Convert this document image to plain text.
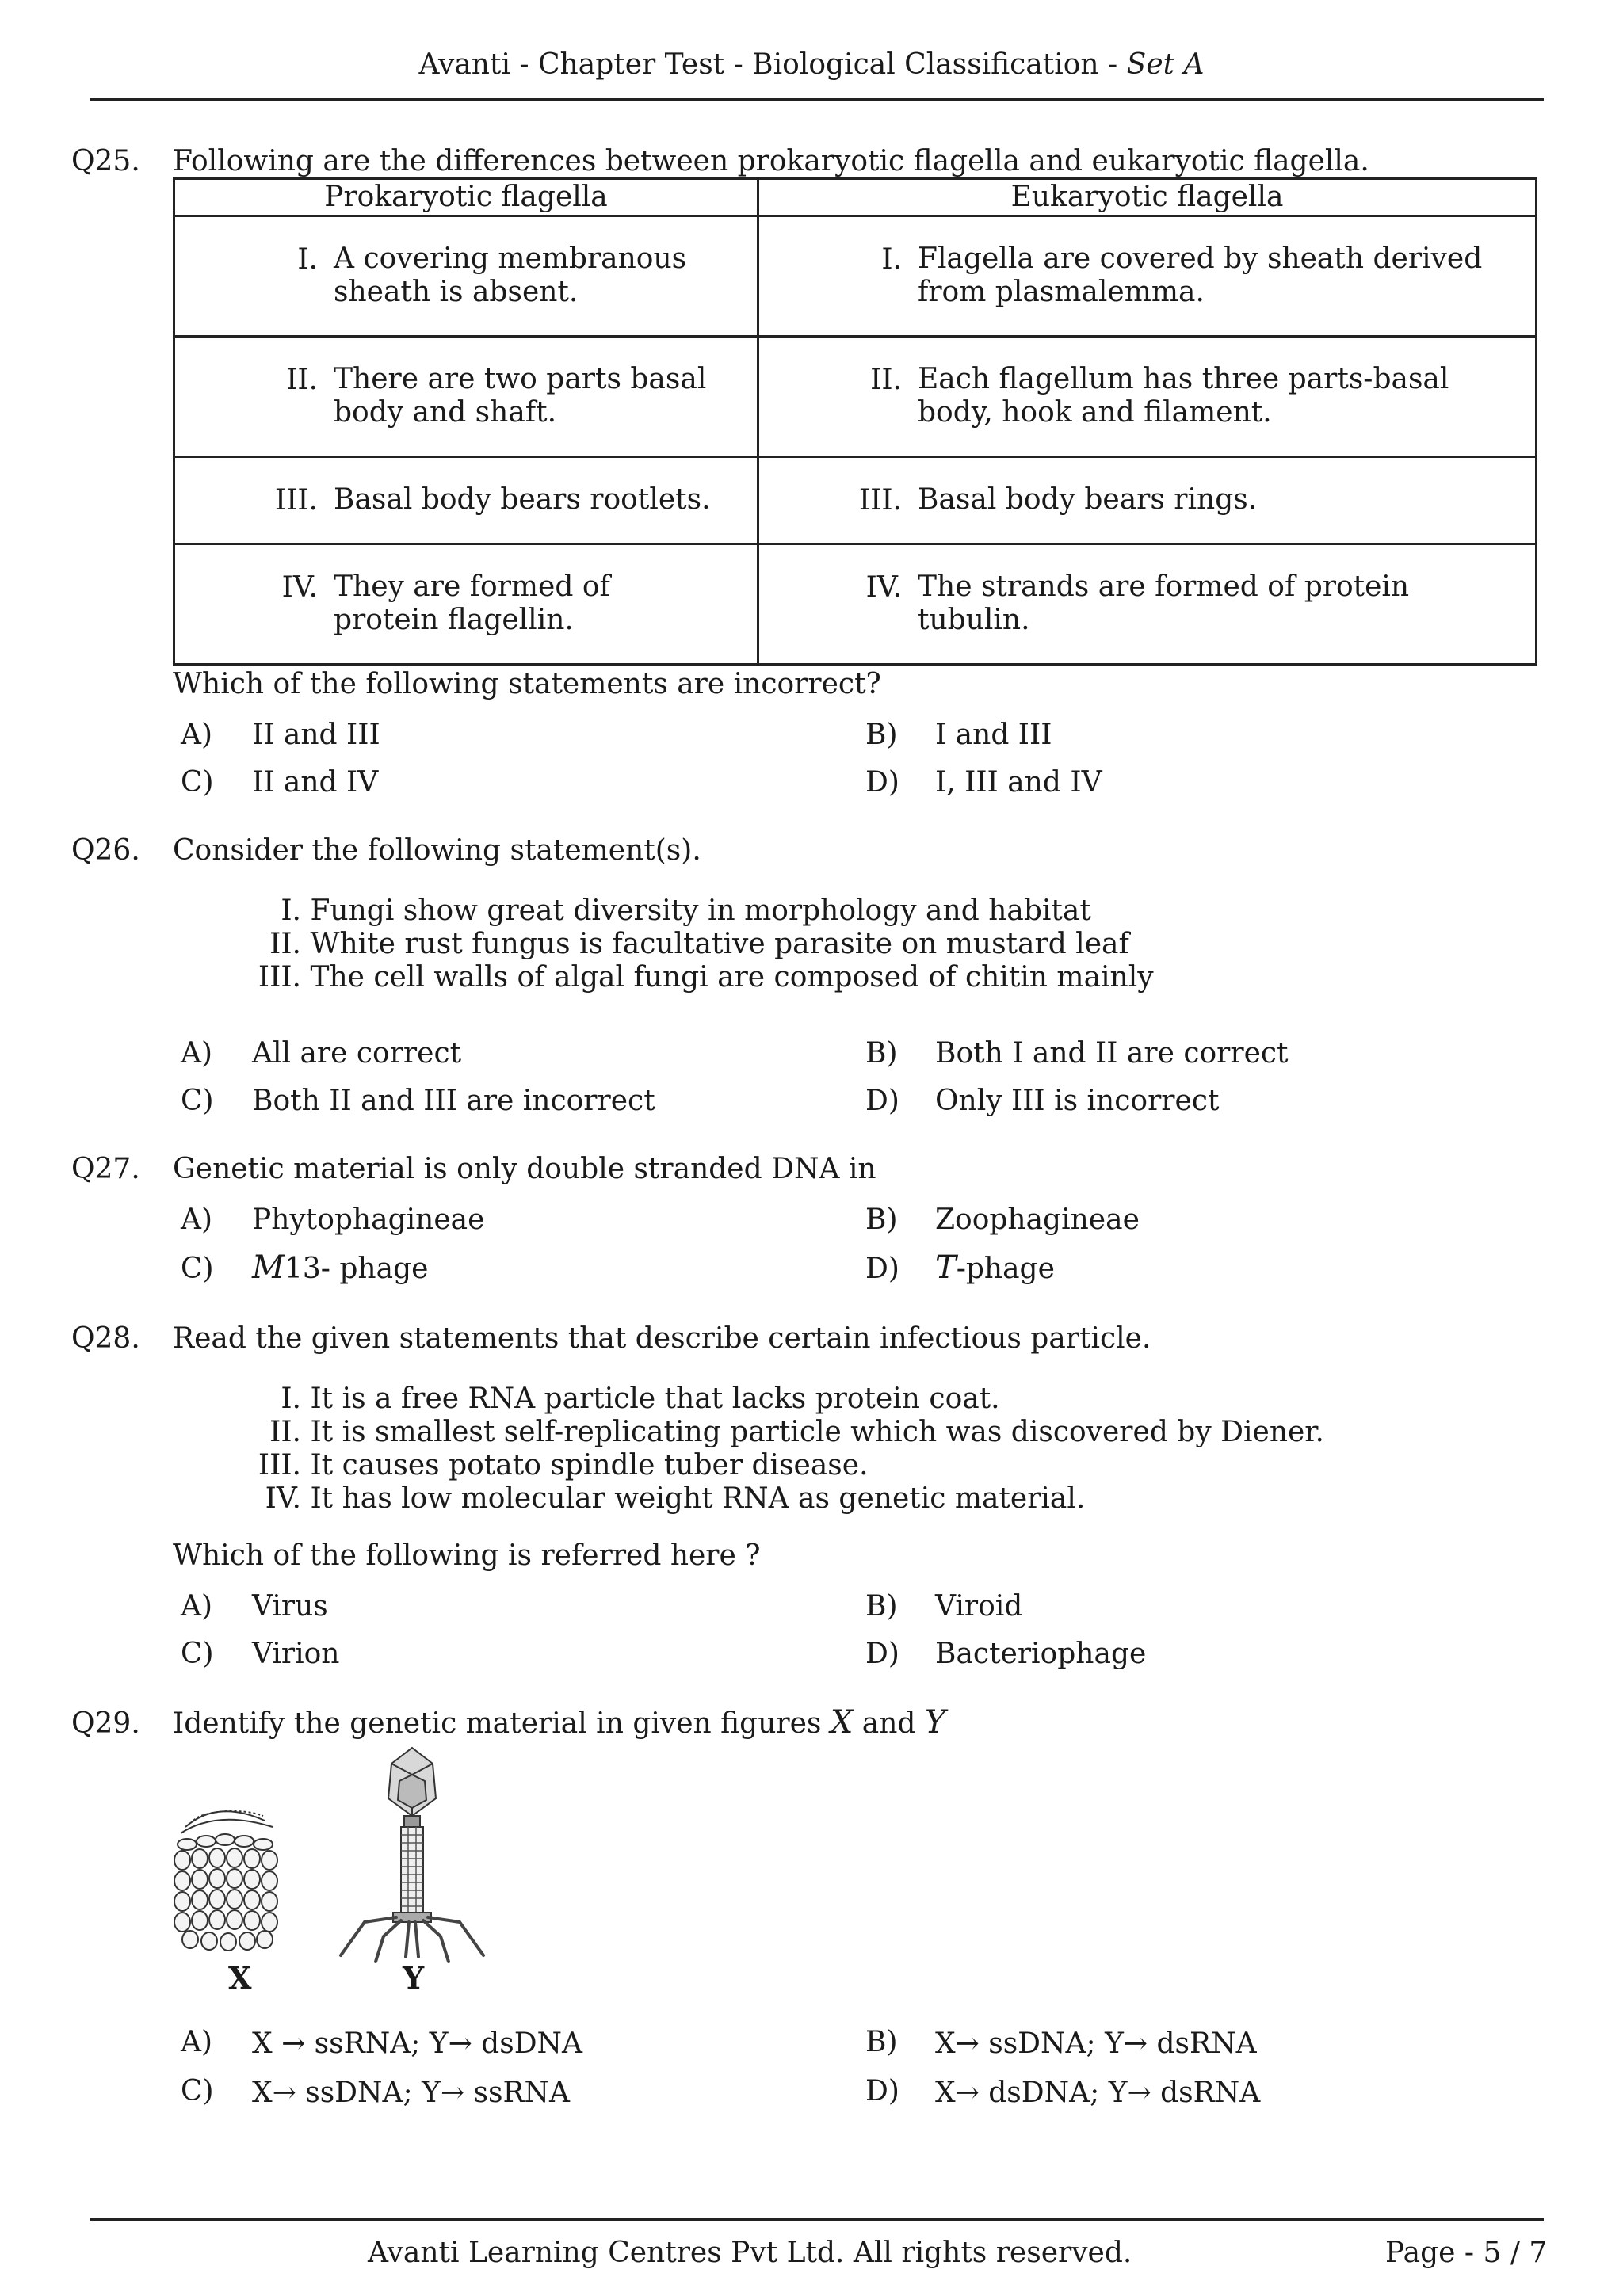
Avanti - Chapter Test - Biological Classification - Set A
Q25. Following are the differences between prokaryotic flagella and eukaryotic flagella.
Prokaryotic flagella	Eukaryotic flagella

I. A covering membranous sheath is absent.	I. Flagella are covered by sheath derived from plasmalemma.

II. There are two parts basal body and shaft.	II. Each flagellum has three parts-basal body, hook and filament.

III. Basal body bears rootlets.	III. Basal body bears rings.

IV. They are formed of protein flagellin.	IV. The strands are formed of protein tubulin.
Which of the following statements are incorrect?
A) II and III	B) I and III
C) II and IV	D) I, III and IV
Q26. Consider the following statement(s).
I. Fungi show great diversity in morphology and habitat
II. White rust fungus is facultative parasite on mustard leaf
III. The cell walls of algal fungi are composed of chitin mainly
A) All are correct	B) Both I and II are correct
C) Both II and III are incorrect	D) Only III is incorrect
Q27. Genetic material is only double stranded DNA in
A) Phytophagineae	B) Zoophagineae
C) M13- phage	D) T-phage
Q28. Read the given statements that describe certain infectious particle.
I. It is a free RNA particle that lacks protein coat.
II. It is smallest self-replicating particle which was discovered by Diener.
III. It causes potato spindle tuber disease.
IV. It has low molecular weight RNA as genetic material.
Which of the following is referred here ?
A) Virus	B) Viroid
C) Virion	D) Bacteriophage
Q29. Identify the genetic material in given figures X and Y
X	Y
A) X → ssRNA; Y→ dsDNA	B) X→ ssDNA; Y→ dsRNA
C) X→ ssDNA; Y→ ssRNA	D) X→ dsDNA; Y→ dsRNA
Avanti Learning Centres Pvt Ltd. All rights reserved.	Page - 5 / 7
